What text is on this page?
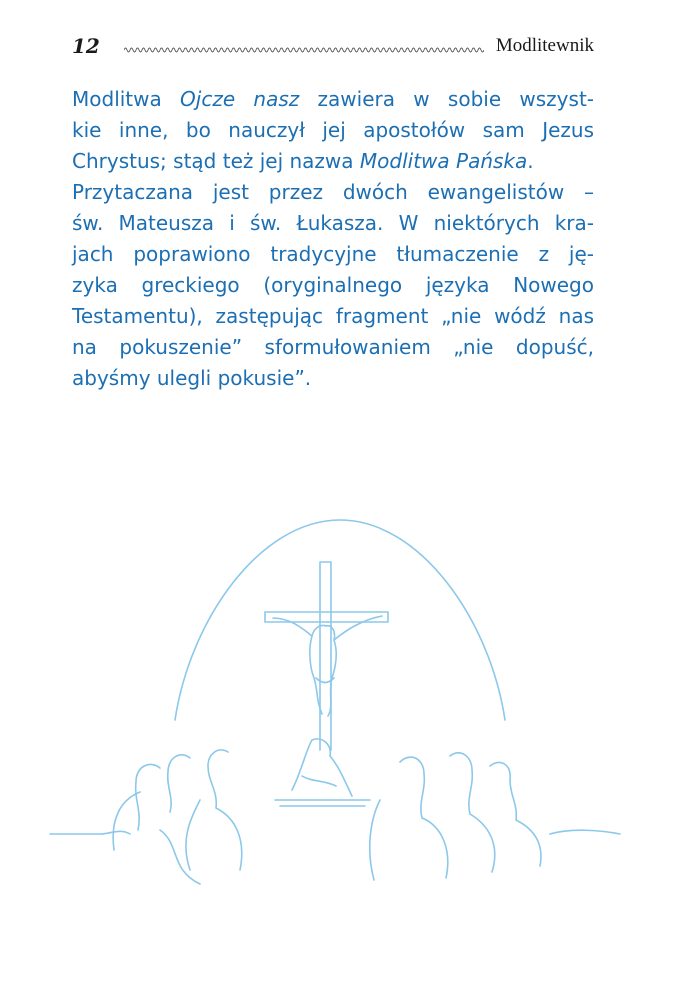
12	Modlitewnik
Modlitwa Ojcze nasz zawiera w sobie wszyst-
kie inne, bo nauczył jej apostołów sam Jezus
Chrystus; stąd też jej nazwa Modlitwa Pańska.
Przytaczana jest przez dwóch ewangelistów –
św. Mateusza i św. Łukasza. W niektórych kra-
jach poprawiono tradycyjne tłumaczenie z ję-
zyka greckiego (oryginalnego języka Nowego
Testamentu), zastępując fragment „nie wódź nas
na pokuszenie” sformułowaniem „nie dopuść,
abyśmy ulegli pokusie”.
